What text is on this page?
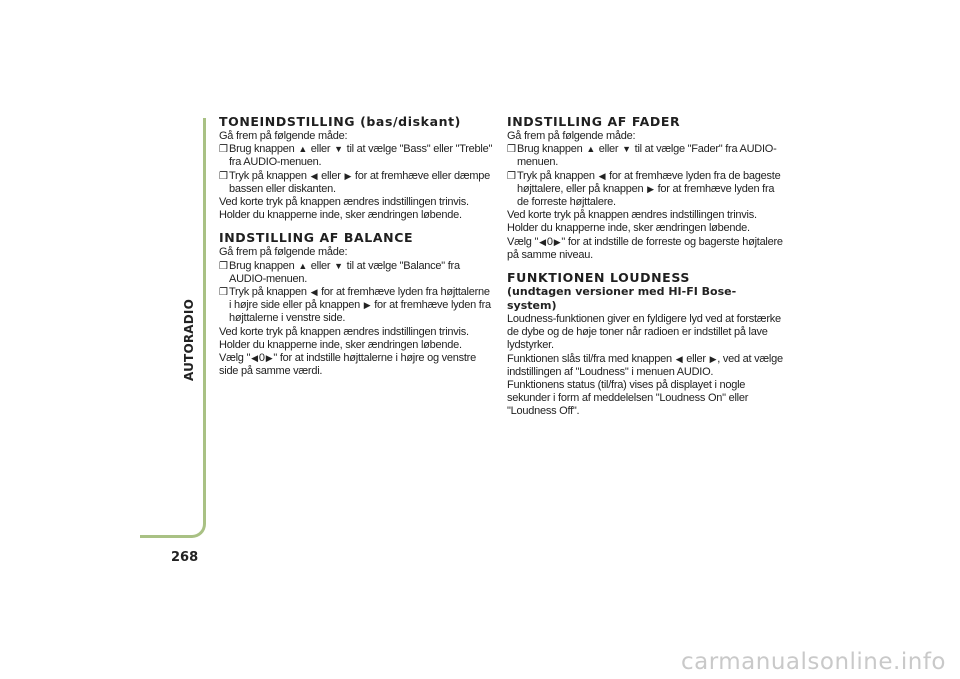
AUTORADIO
268
TONEINDSTILLING (bas/diskant)

Gå frem på følgende måde:

❒ Brug knappen ▲ eller ▼ til at vælge "Bass" eller "Treble" fra AUDIO-menuen.
❒ Tryk på knappen ◀ eller ▶ for at fremhæve eller dæmpe bassen eller diskanten.

Ved korte tryk på knappen ændres indstillingen trinvis. Holder du knapperne inde, sker ændringen løbende.

INDSTILLING AF BALANCE

Gå frem på følgende måde:

❒ Brug knappen ▲ eller ▼ til at vælge "Balance" fra AUDIO-menuen.
❒ Tryk på knappen ◀ for at fremhæve lyden fra højttalerne i højre side eller på knappen ▶ for at fremhæve lyden fra højttalerne i venstre side.

Ved korte tryk på knappen ændres indstillingen trinvis. Holder du knapperne inde, sker ændringen løbende.

Vælg "◀0▶" for at indstille højttalerne i højre og venstre side på samme værdi.

INDSTILLING AF FADER

Gå frem på følgende måde:

❒ Brug knappen ▲ eller ▼ til at vælge "Fader" fra AUDIO-menuen.
❒ Tryk på knappen ◀ for at fremhæve lyden fra de bageste højttalere, eller på knappen ▶ for at fremhæve lyden fra de forreste højttalere.

Ved korte tryk på knappen ændres indstillingen trinvis. Holder du knapperne inde, sker ændringen løbende.

Vælg "◀0▶" for at indstille de forreste og bagerste højtalere på samme niveau.

FUNKTIONEN LOUDNESS
(undtagen versioner med HI-FI Bose-system)

Loudness-funktionen giver en fyldigere lyd ved at forstærke de dybe og de høje toner når radioen er indstillet på lave lydstyrker.

Funktionen slås til/fra med knappen ◀ eller ▶, ved at vælge indstillingen af "Loudness" i menuen AUDIO.

Funktionens status (til/fra) vises på displayet i nogle sekunder i form af meddelelsen "Loudness On" eller "Loudness Off".

carmanualsonline.info
